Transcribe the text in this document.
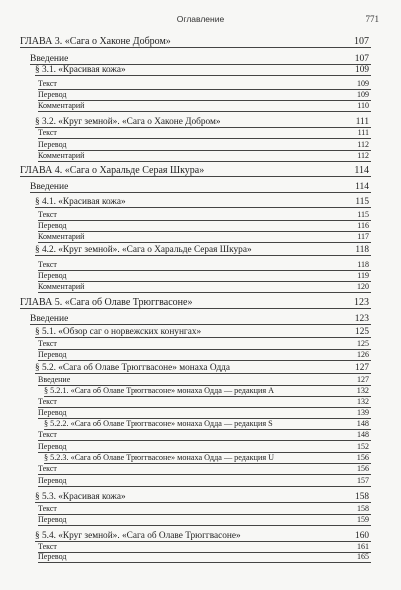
Оглавление	771
ГЛАВА 3. «Сага о Хаконе Добром»	107
Введение	107
§ 3.1. «Красивая кожа»	109
Текст	109
Перевод	109
Комментарий	110
§ 3.2. «Круг земной». «Сага о Хаконе Добром»	111
Текст	111
Перевод	112
Комментарий	112
ГЛАВА 4. «Сага о Харальде Серая Шкура»	114
Введение	114
§ 4.1. «Красивая кожа»	115
Текст	115
Перевод	116
Комментарий	117
§ 4.2. «Круг земной». «Сага о Харальде Серая Шкура»	118
Текст	118
Перевод	119
Комментарий	120
ГЛАВА 5. «Сага об Олаве Трюггвасоне»	123
Введение	123
§ 5.1. «Обзор саг о норвежских конунгах»	125
Текст	125
Перевод	126
§ 5.2. «Сага об Олаве Трюггвасоне» монаха Одда	127
Введение	127
§ 5.2.1. «Сага об Олаве Трюггвасоне» монаха Одда — редакция A	132
Текст	132
Перевод	139
§ 5.2.2. «Сага об Олаве Трюггвасоне» монаха Одда — редакция S	148
Текст	148
Перевод	152
§ 5.2.3. «Сага об Олаве Трюггвасоне» монаха Одда — редакция U	156
Текст	156
Перевод	157
§ 5.3. «Красивая кожа»	158
Текст	158
Перевод	159
§ 5.4. «Круг земной». «Сага об Олаве Трюггвасоне»	160
Текст	161
Перевод	165
